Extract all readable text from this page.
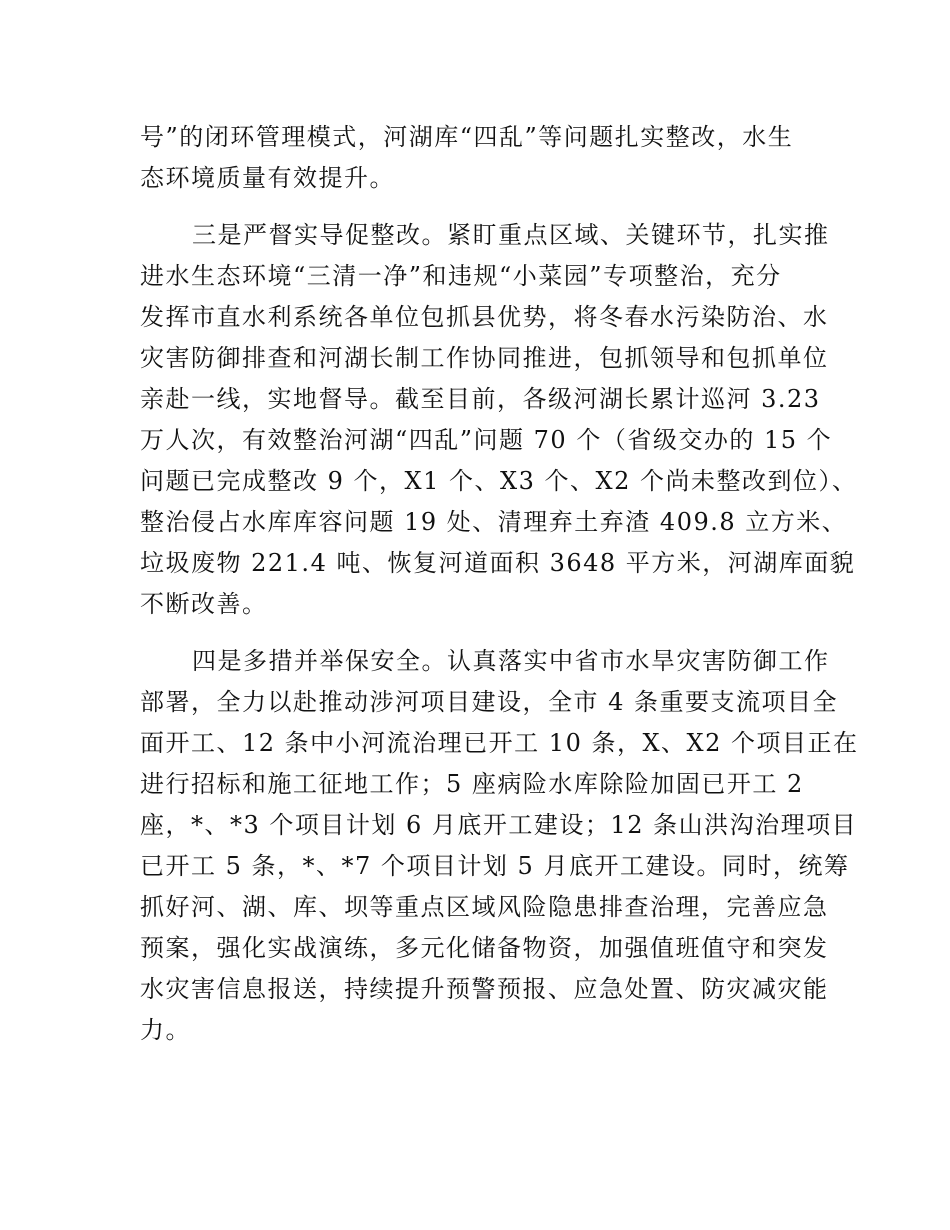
号”的闭环管理模式，河湖库“四乱”等问题扎实整改，水生
态环境质量有效提升。
三是严督实导促整改。紧盯重点区域、关键环节，扎实推
进水生态环境“三清一净”和违规“小菜园”专项整治，充分
发挥市直水利系统各单位包抓县优势，将冬春水污染防治、水
灾害防御排查和河湖长制工作协同推进，包抓领导和包抓单位
亲赴一线，实地督导。截至目前，各级河湖长累计巡河 3.23
万人次，有效整治河湖“四乱”问题 70 个（省级交办的 15 个
问题已完成整改 9 个，X1 个、X3 个、X2 个尚未整改到位）、
整治侵占水库库容问题 19 处、清理弃土弃渣 409.8 立方米、
垃圾废物 221.4 吨、恢复河道面积 3648 平方米，河湖库面貌
不断改善。
四是多措并举保安全。认真落实中省市水旱灾害防御工作
部署，全力以赴推动涉河项目建设，全市 4 条重要支流项目全
面开工、12 条中小河流治理已开工 10 条，X、X2 个项目正在
进行招标和施工征地工作；5 座病险水库除险加固已开工 2
座，*、*3 个项目计划 6 月底开工建设；12 条山洪沟治理项目
已开工 5 条，*、*7 个项目计划 5 月底开工建设。同时，统筹
抓好河、湖、库、坝等重点区域风险隐患排查治理，完善应急
预案，强化实战演练，多元化储备物资，加强值班值守和突发
水灾害信息报送，持续提升预警预报、应急处置、防灾减灾能
力。
